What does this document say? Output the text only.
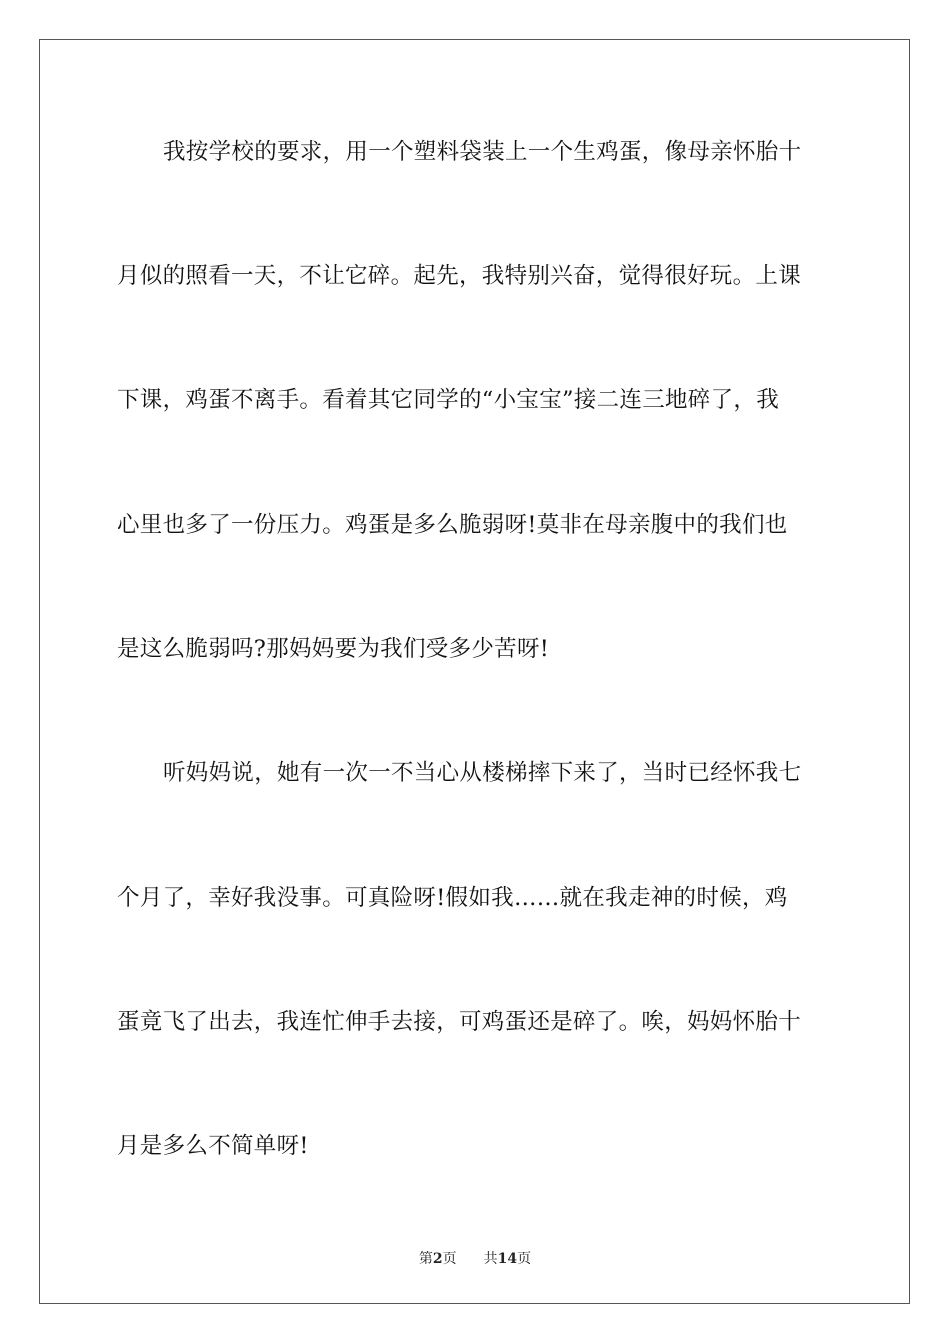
我按学校的要求，用一个塑料袋装上一个生鸡蛋，像母亲怀胎十
月似的照看一天，不让它碎。起先，我特别兴奋，觉得很好玩。上课
下课，鸡蛋不离手。看着其它同学的“小宝宝”接二连三地碎了，我
心里也多了一份压力。鸡蛋是多么脆弱呀!莫非在母亲腹中的我们也
是这么脆弱吗?那妈妈要为我们受多少苦呀!
听妈妈说，她有一次一不当心从楼梯摔下来了，当时已经怀我七
个月了，幸好我没事。可真险呀!假如我……就在我走神的时候，鸡
蛋竟飞了出去，我连忙伸手去接，可鸡蛋还是碎了。唉，妈妈怀胎十
月是多么不简单呀!
第2页 共14页
